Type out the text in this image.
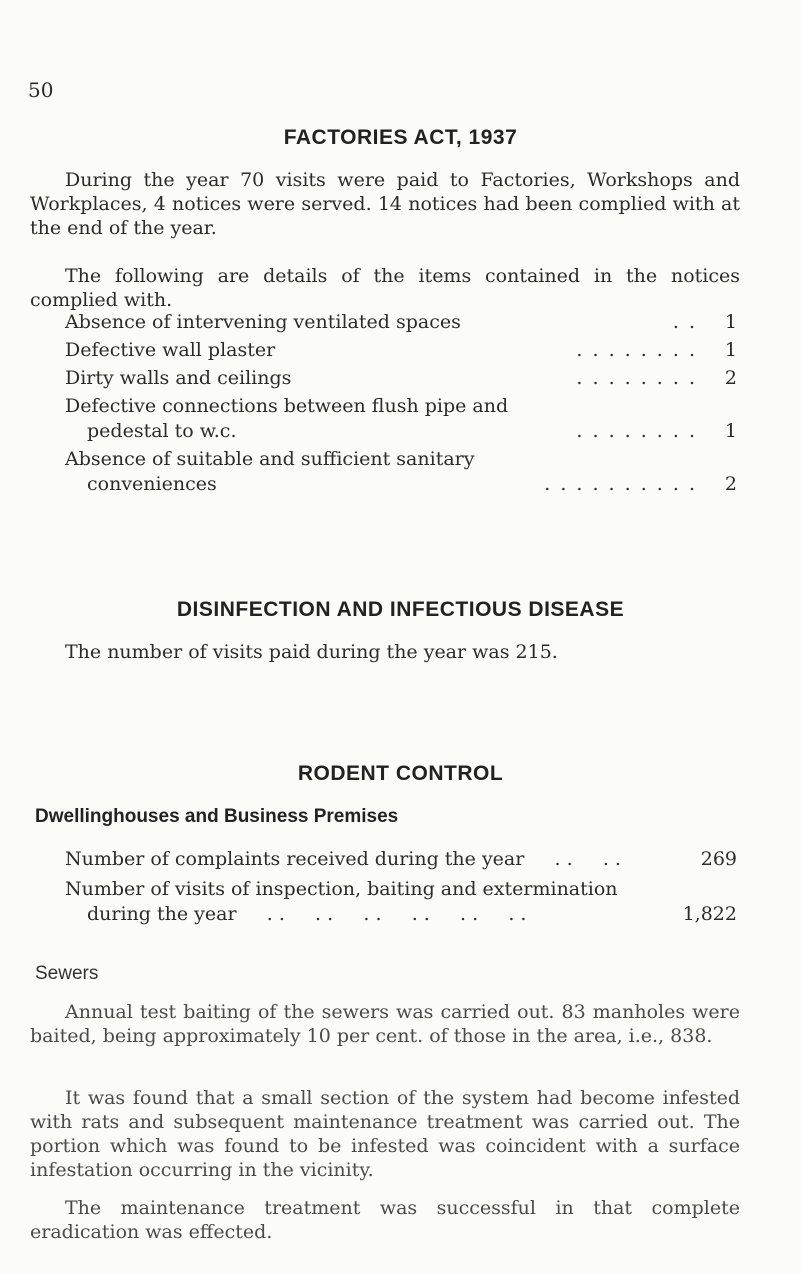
50
FACTORIES ACT, 1937

During the year 70 visits were paid to Factories, Workshops and Workplaces, 4 notices were served. 14 notices had been complied with at the end of the year.

The following are details of the items contained in the notices complied with.

Absence of intervening ventilated spaces	. . 1
Defective wall plaster	. . . . . . . . 1
Dirty walls and ceilings	. . . . . . . . 2
Defective connections between flush pipe and
pedestal to w.c.	. . . . . . . . 1
Absence of suitable and sufficient sanitary
conveniences	. . . . . . . . . . 2
DISINFECTION AND INFECTIOUS DISEASE

The number of visits paid during the year was 215.

RODENT CONTROL
Dwellinghouses and Business Premises
Number of complaints received during the year     . .     . .	269
Number of visits of inspection, baiting and extermination
during the year     . .     . .     . .     . .     . .     . .	1,822
Sewers

Annual test baiting of the sewers was carried out. 83 manholes were baited, being approximately 10 per cent. of those in the area, i.e., 838.

It was found that a small section of the system had become infested with rats and subsequent maintenance treatment was carried out. The portion which was found to be infested was coincident with a surface infestation occurring in the vicinity.

The maintenance treatment was successful in that complete eradication was effected.
